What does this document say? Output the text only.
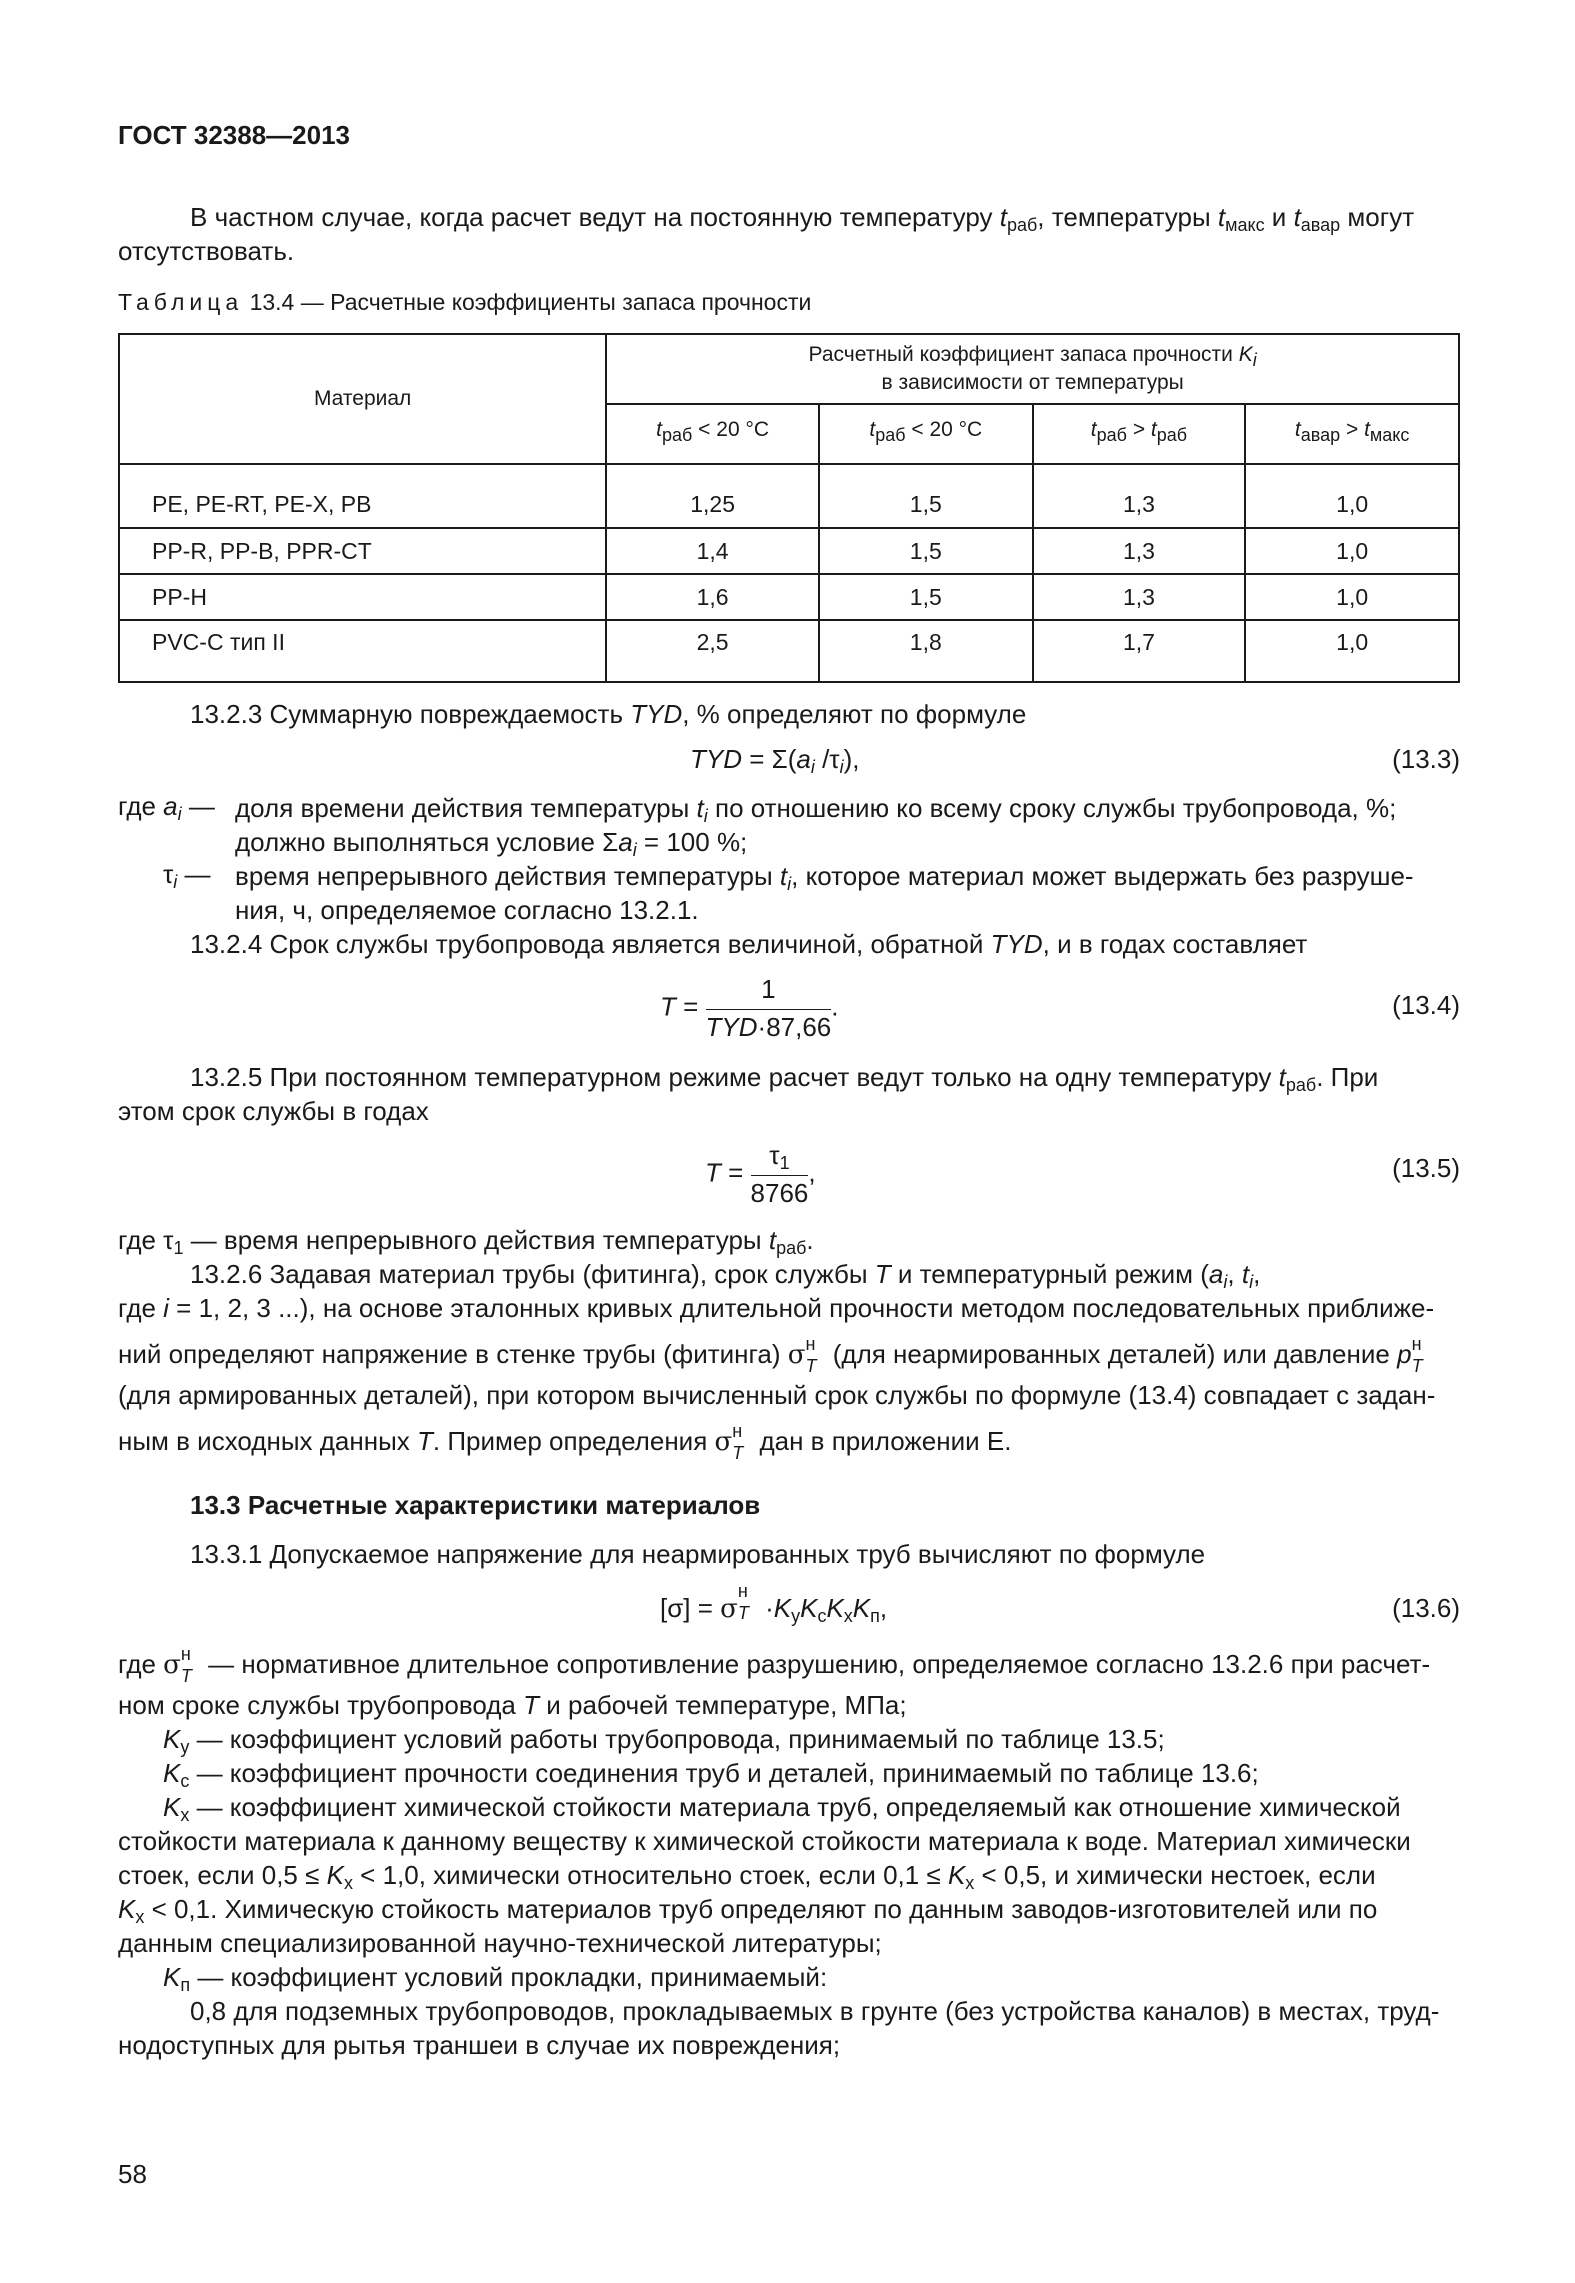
ГОСТ 32388—2013
В частном случае, когда расчет ведут на постоянную температуру $t_{раб}$, температуры $t_{макс}$ и $t_{авар}$ могут
отсутствовать.
Таблица 13.4 — Расчетные коэффициенты запаса прочности
Материал	Расчетный коэффициент запаса прочности $K_i$
в зависимости от температуры			
	$t_{раб} < 20$ °С	$t_{раб} < 20$ °С	$t_{раб} > t_{раб}$	$t_{авар} > t_{макс}$
PE, PE-RT, PE-X, PB	1,25	1,5	1,3	1,0
PP-R, PP-B, PPR-CT	1,4	1,5	1,3	1,0
PP-H	1,6	1,5	1,3	1,0
PVC-C тип II	2,5	1,8	1,7	1,0
13.2.3 Суммарную повреждаемость TYD, % определяют по формуле
TYD = $\Sigma(a_i$ $/\tau_i$),	(13.3)
где $a_i$ — доля времени действия температуры $t_i$ по отношению ко всему сроку службы трубопровода, %;
должно выполняться условие $\Sigma a_i = 100$ %;
$\tau_i$ — время непрерывного действия температуры $t_i$, которое материал может выдержать без разруше-
ния, ч, определяемое согласно 13.2.1.
13.2.4 Срок службы трубопровода является величиной, обратной TYD, и в годах составляет
$T = \frac{1}{\text{TYD·87,66}}$ .	(13.4)
13.2.5 При постоянном температурном режиме расчет ведут только на одну температуру $t_{раб}$. При
этом срок службы в годах
$T = \frac{\tau_1}{8766}$ ,	(13.5)
где $\tau_1$ — время непрерывного действия температуры $t_{раб}$.
13.2.6 Задавая материал трубы (фитинга), срок службы T и температурный режим ($a_i$, $t_i$,
где i = 1, 2, 3 ...), на основе эталонных кривых длительной прочности методом последовательных приближе-
ний определяют напряжение в стенке трубы (фитинга) σ н
T (для неармированных деталей) или давление p н
T
(для армированных деталей), при котором вычисленный срок службы по формуле (13.4) совпадает с задан-
ным в исходных данных T. Пример определения σ н
T дан в приложении Е.
13.3 Расчетные характеристики материалов
13.3.1 Допускаемое напряжение для неармированных труб вычисляют по формуле
[σ] = σ
н
$T \cdot K_уK_сK_хK_п$,	(13.6)
где σ н
T — нормативное длительное сопротивление разрушению, определяемое согласно 13.2.6 при расчет-
ном сроке службы трубопровода T и рабочей температуре, МПа;
$K_у$ — коэффициент условий работы трубопровода, принимаемый по таблице 13.5;
$K_с$ — коэффициент прочности соединения труб и деталей, принимаемый по таблице 13.6;
$K_х$ — коэффициент химической стойкости материала труб, определяемый как отношение химической
стойкости материала к данному веществу к химической стойкости материала к воде. Материал химически
стоек, если $0,5 \le K_х < 1,0$, химически относительно стоек, если $0,1 \le K_х < 0,5$, и химически нестоек, если
$K_х < 0,1$. Химическую стойкость материалов труб определяют по данным заводов-изготовителей или по
данным специализированной научно-технической литературы;
$K_п$ — коэффициент условий прокладки, принимаемый:
0,8 для подземных трубопроводов, прокладываемых в грунте (без устройства каналов) в местах, труд-
нодоступных для рытья траншеи в случае их повреждения;
58
